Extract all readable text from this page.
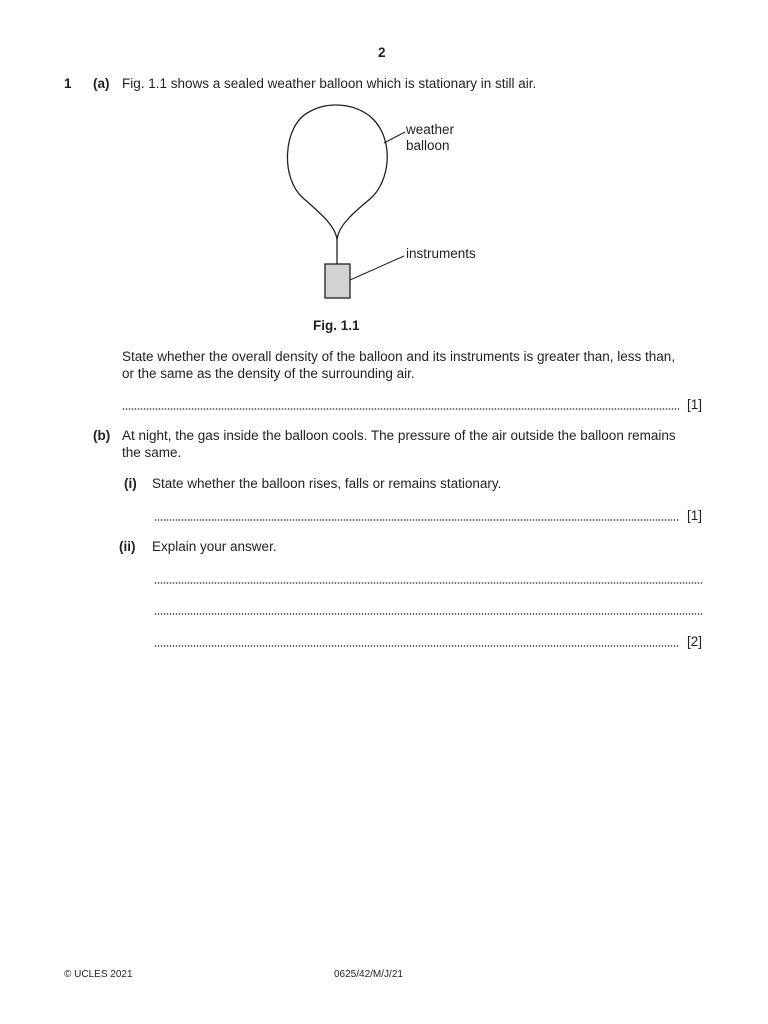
2
1 (a) Fig. 1.1 shows a sealed weather balloon which is stationary in still air.
weather
balloon
instruments
Fig. 1.1
State whether the overall density of the balloon and its instruments is greater than, less than,
or the same as the density of the surrounding air.
[1]
(b) At night, the gas inside the balloon cools. The pressure of the air outside the balloon remains
the same.
(i) State whether the balloon rises, falls or remains stationary.
[1]
(ii) Explain your answer.
[2]
© UCLES 2021	0625/42/M/J/21
